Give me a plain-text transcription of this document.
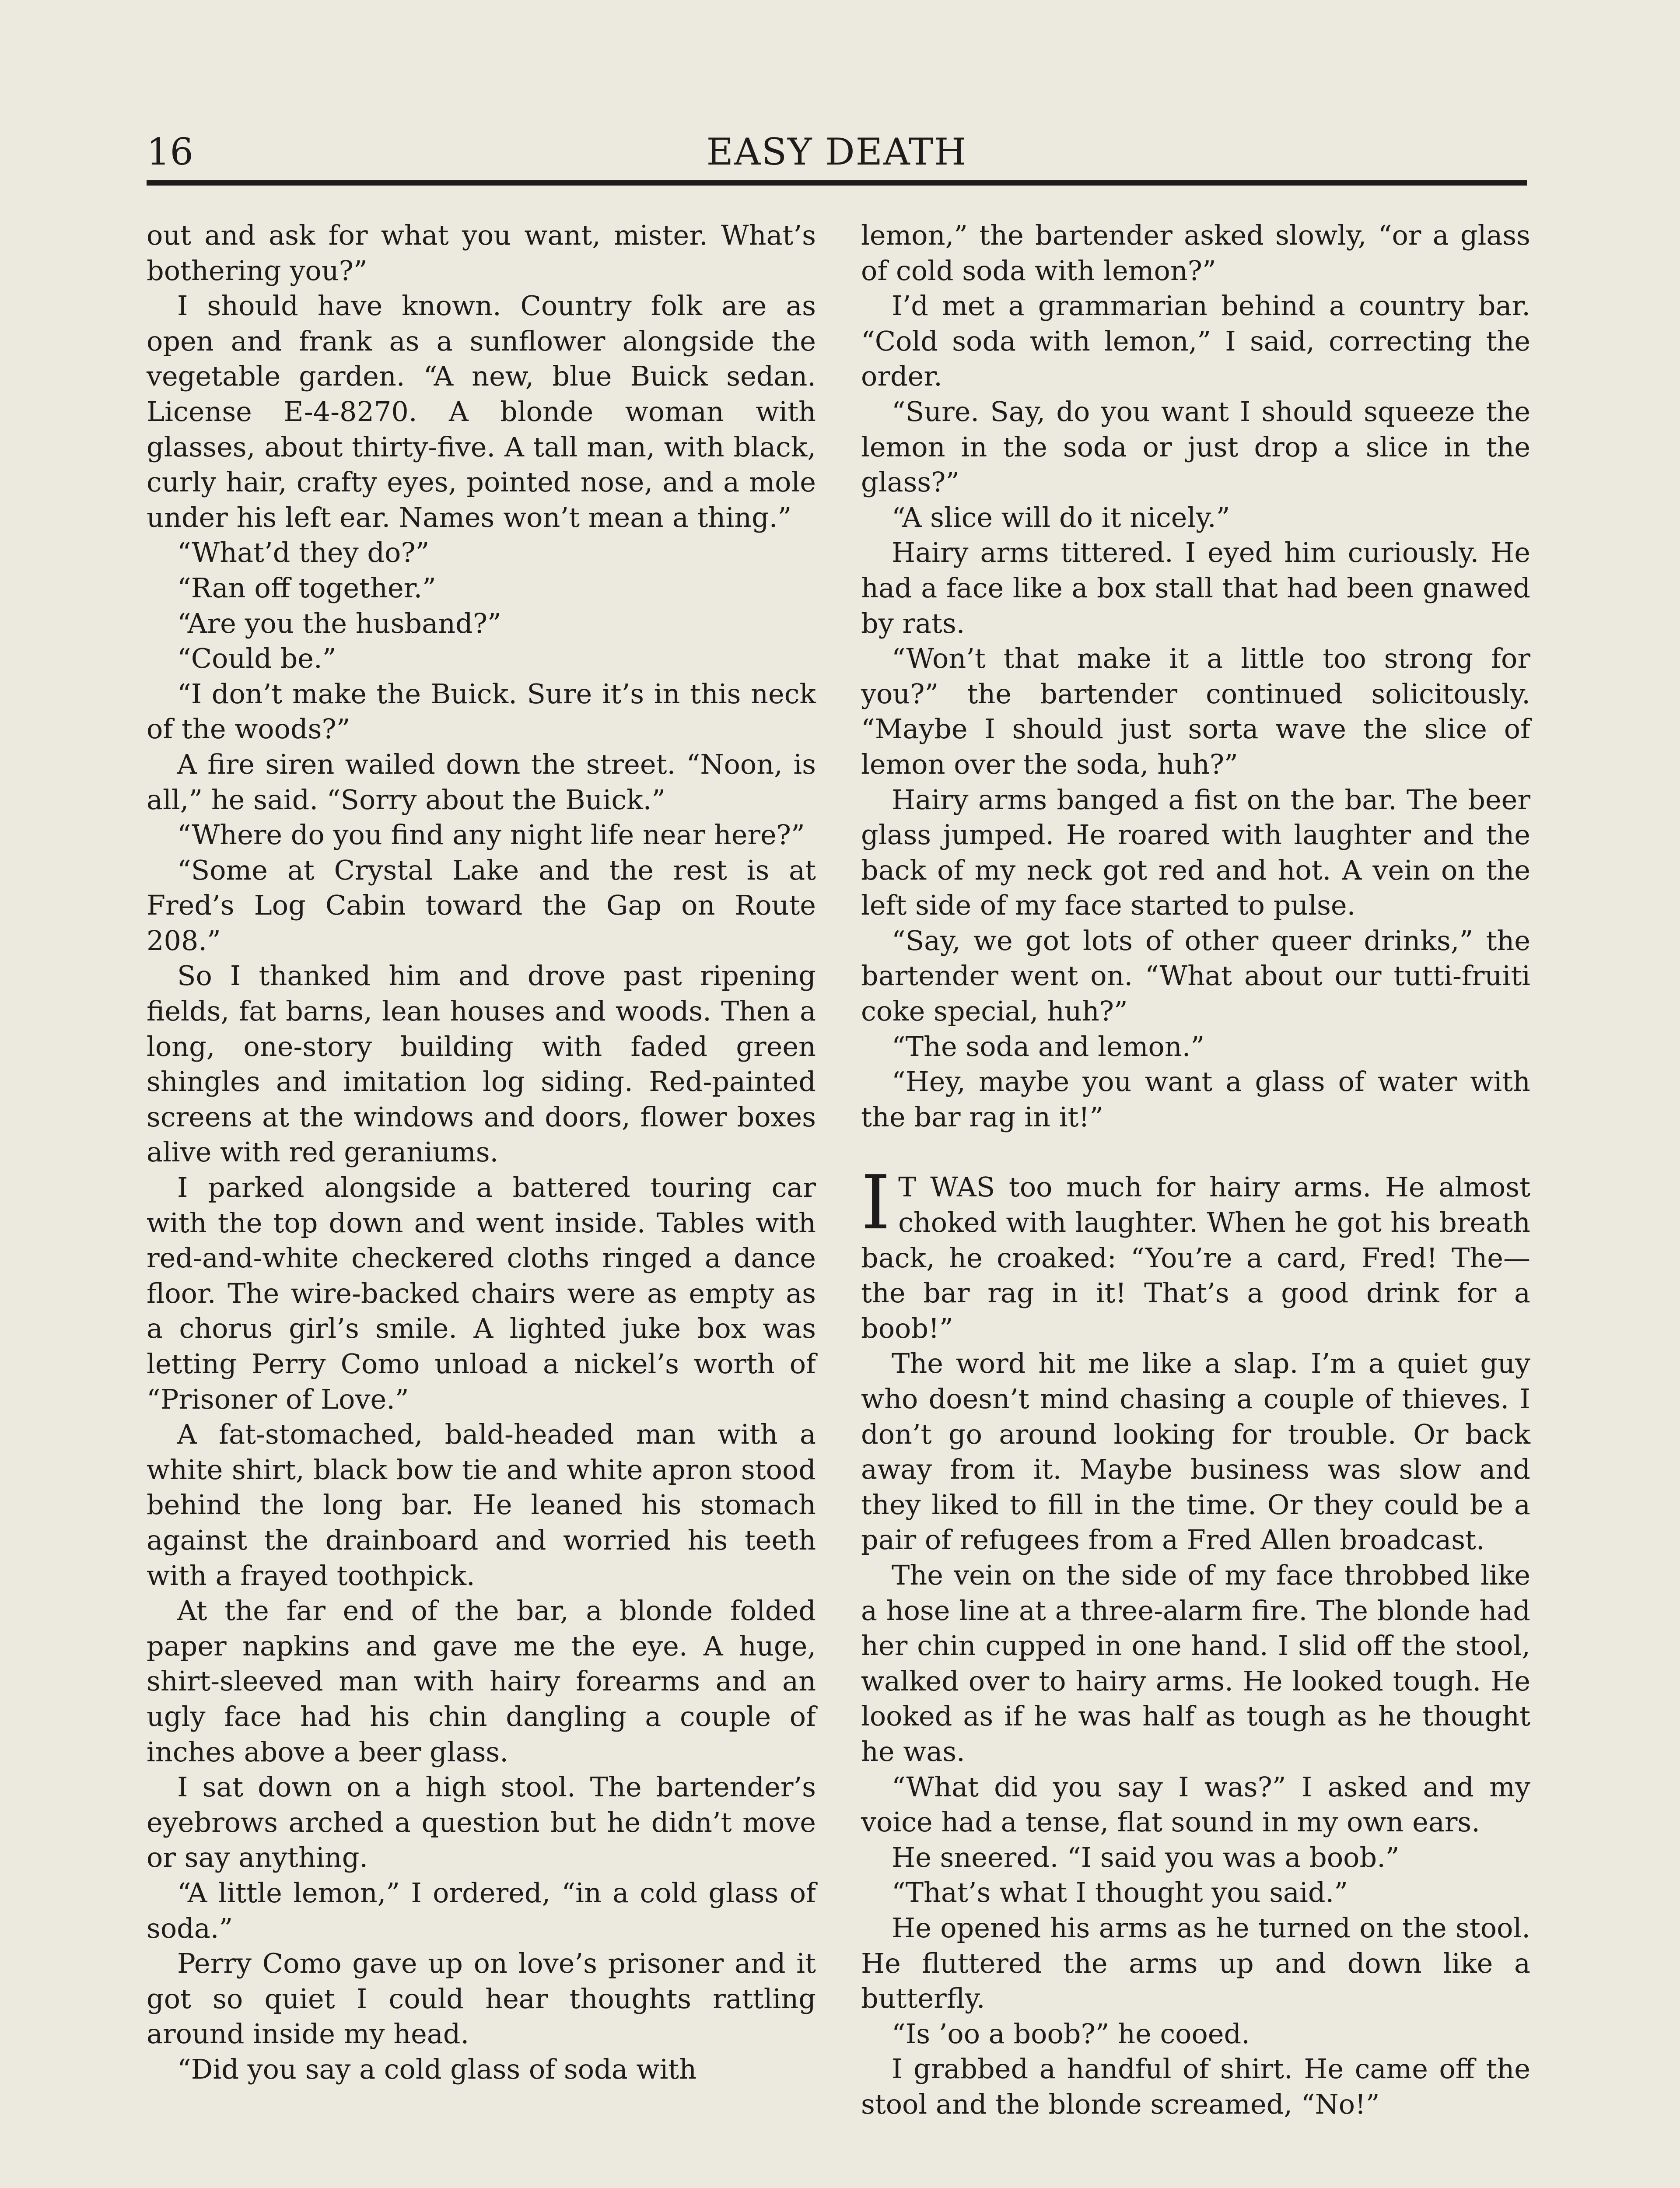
16	EASY DEATH

out and ask for what you want, mister. What’s bothering you?”

I should have known. Country folk are as open and frank as a sunflower alongside the vegetable garden. “A new, blue Buick sedan. License E-4-8270. A blonde woman with glasses, about thirty-five. A tall man, with black, curly hair, crafty eyes, pointed nose, and a mole under his left ear. Names won’t mean a thing.”

“What’d they do?”

“Ran off together.”

“Are you the husband?”

“Could be.”

“I don’t make the Buick. Sure it’s in this neck of the woods?”

A fire siren wailed down the street. “Noon, is all,” he said. “Sorry about the Buick.”

“Where do you find any night life near here?”

“Some at Crystal Lake and the rest is at Fred’s Log Cabin toward the Gap on Route 208.”

So I thanked him and drove past ripening fields, fat barns, lean houses and woods. Then a long, one-story building with faded green shingles and imitation log siding. Red-painted screens at the windows and doors, flower boxes alive with red geraniums.

I parked alongside a battered touring car with the top down and went inside. Tables with red-and-white checkered cloths ringed a dance floor. The wire-backed chairs were as empty as a chorus girl’s smile. A lighted juke box was letting Perry Como unload a nickel’s worth of “Prisoner of Love.”

A fat-stomached, bald-headed man with a white shirt, black bow tie and white apron stood behind the long bar. He leaned his stomach against the drainboard and worried his teeth with a frayed toothpick.

At the far end of the bar, a blonde folded paper napkins and gave me the eye. A huge, shirt-sleeved man with hairy forearms and an ugly face had his chin dangling a couple of inches above a beer glass.

I sat down on a high stool. The bartender’s eyebrows arched a question but he didn’t move or say anything.

“A little lemon,” I ordered, “in a cold glass of soda.”

Perry Como gave up on love’s prisoner and it got so quiet I could hear thoughts rattling around inside my head.

“Did you say a cold glass of soda with

lemon,” the bartender asked slowly, “or a glass of cold soda with lemon?”

I’d met a grammarian behind a country bar. “Cold soda with lemon,” I said, correcting the order.

“Sure. Say, do you want I should squeeze the lemon in the soda or just drop a slice in the glass?”

“A slice will do it nicely.”

Hairy arms tittered. I eyed him curiously. He had a face like a box stall that had been gnawed by rats.

“Won’t that make it a little too strong for you?” the bartender continued solicitously. “Maybe I should just sorta wave the slice of lemon over the soda, huh?”

Hairy arms banged a fist on the bar. The beer glass jumped. He roared with laughter and the back of my neck got red and hot. A vein on the left side of my face started to pulse.

“Say, we got lots of other queer drinks,” the bartender went on. “What about our tutti-fruiti coke special, huh?”

“The soda and lemon.”

“Hey, maybe you want a glass of water with the bar rag in it!”

I T WAS too much for hairy arms. He almost choked with laughter. When he got his breath back, he croaked: “You’re a card, Fred! The—the bar rag in it! That’s a good drink for a boob!”

The word hit me like a slap. I’m a quiet guy who doesn’t mind chasing a couple of thieves. I don’t go around looking for trouble. Or back away from it. Maybe business was slow and they liked to fill in the time. Or they could be a pair of refugees from a Fred Allen broadcast.

The vein on the side of my face throbbed like a hose line at a three-alarm fire. The blonde had her chin cupped in one hand. I slid off the stool, walked over to hairy arms. He looked tough. He looked as if he was half as tough as he thought he was.

“What did you say I was?” I asked and my voice had a tense, flat sound in my own ears.

He sneered. “I said you was a boob.”

“That’s what I thought you said.”

He opened his arms as he turned on the stool. He fluttered the arms up and down like a butterfly.

“Is ’oo a boob?” he cooed.

I grabbed a handful of shirt. He came off the stool and the blonde screamed, “No!”
